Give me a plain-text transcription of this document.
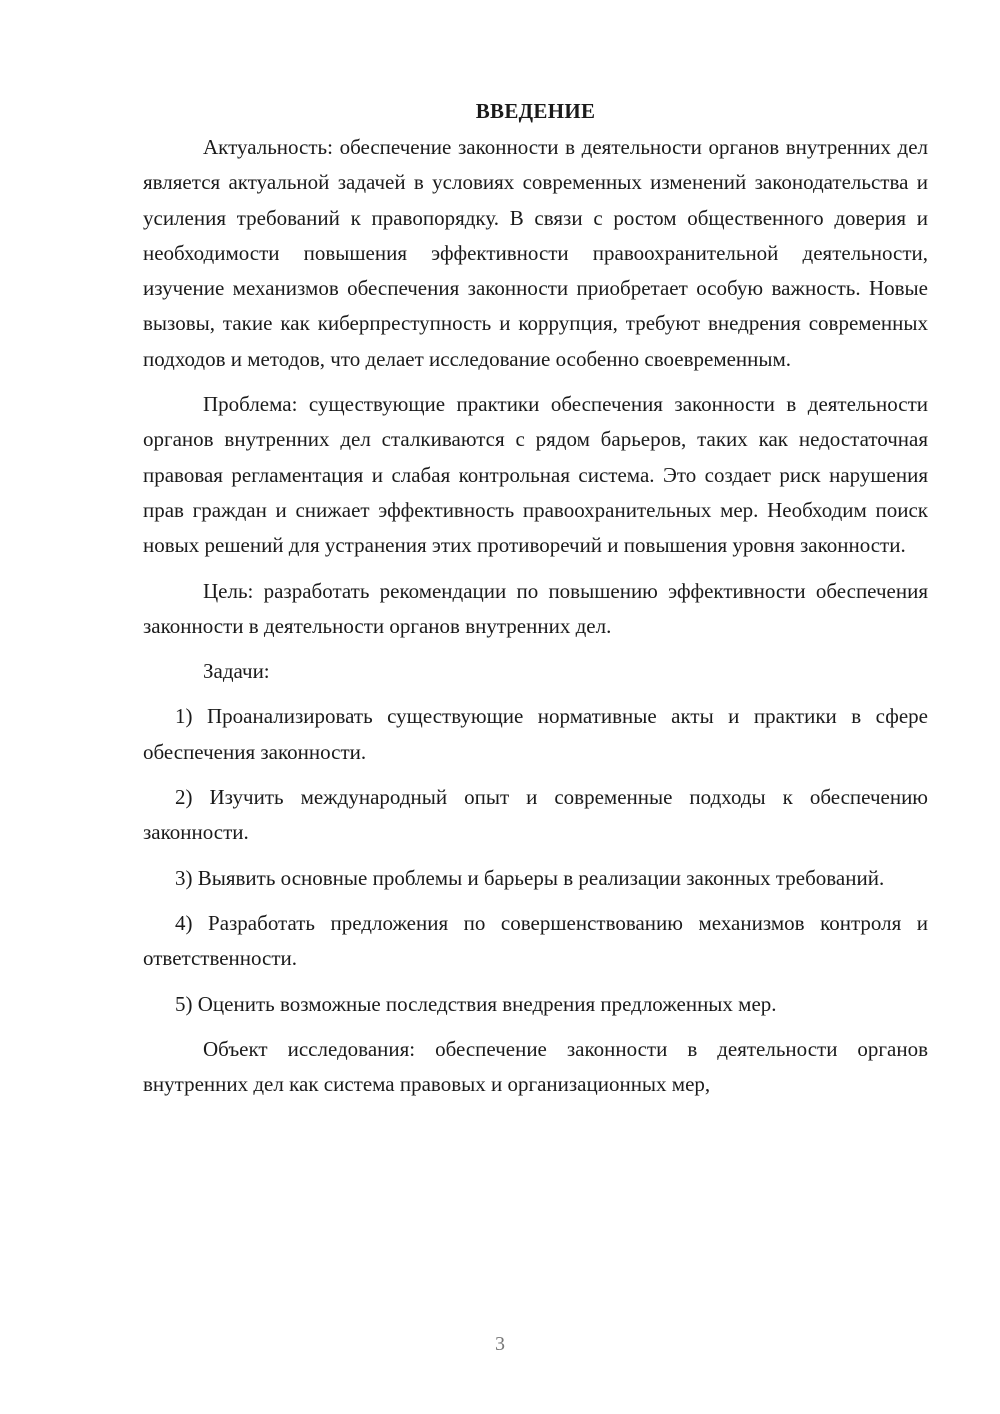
ВВЕДЕНИЕ

Актуальность: обеспечение законности в деятельности органов внутренних дел является актуальной задачей в условиях современных изменений законодательства и усиления требований к правопорядку. В связи с ростом общественного доверия и необходимости повышения эффективности правоохранительной деятельности, изучение механизмов обеспечения законности приобретает особую важность. Новые вызовы, такие как киберпреступность и коррупция, требуют внедрения современных подходов и методов, что делает исследование особенно своевременным.

Проблема: существующие практики обеспечения законности в деятельности органов внутренних дел сталкиваются с рядом барьеров, таких как недостаточная правовая регламентация и слабая контрольная система. Это создает риск нарушения прав граждан и снижает эффективность правоохранительных мер. Необходим поиск новых решений для устранения этих противоречий и повышения уровня законности.

Цель: разработать рекомендации по повышению эффективности обеспечения законности в деятельности органов внутренних дел.

Задачи:

1) Проанализировать существующие нормативные акты и практики в сфере обеспечения законности.

2) Изучить международный опыт и современные подходы к обеспечению законности.

3) Выявить основные проблемы и барьеры в реализации законных требований.

4) Разработать предложения по совершенствованию механизмов контроля и ответственности.

5) Оценить возможные последствия внедрения предложенных мер.

Объект исследования: обеспечение законности в деятельности органов внутренних дел как система правовых и организационных мер,

3
